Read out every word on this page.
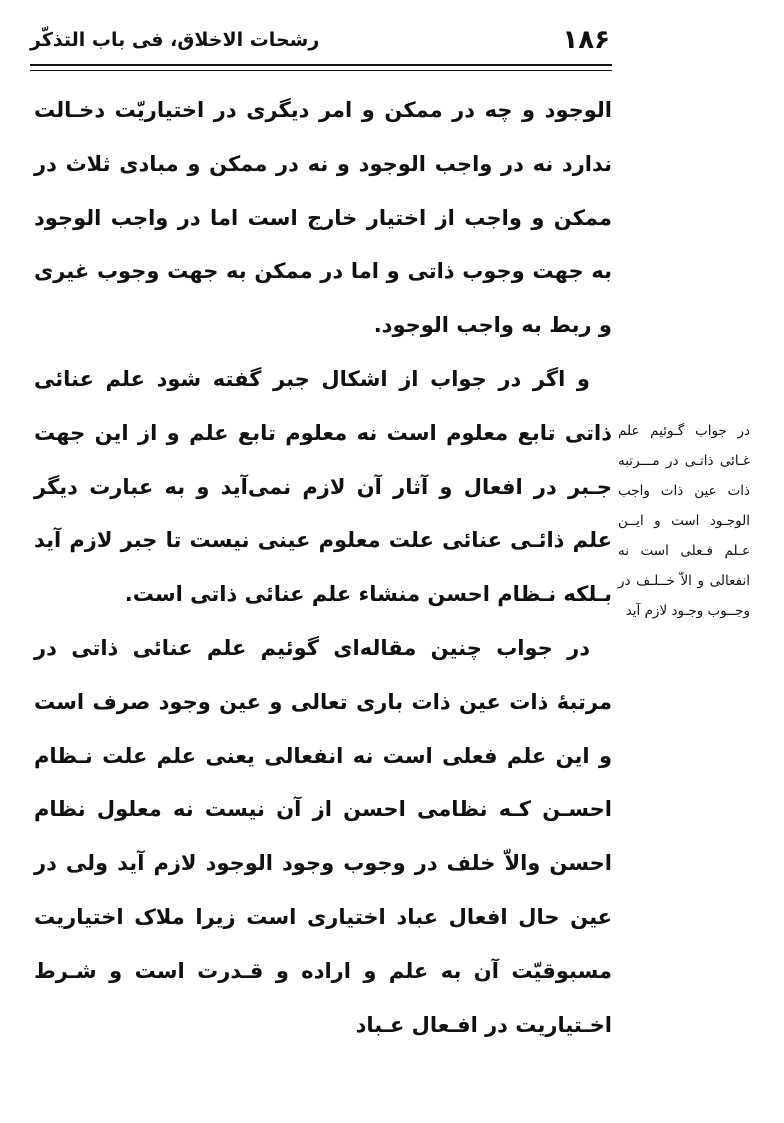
۱۸۶
رشحات الاخلاق، فی باب التذکّر

الوجود و چه در ممکن و امر دیگری در اختیاریّت دخـالت ندارد نه در واجب الوجود و نه در ممکن و مبادی ثلاث در ممکن و واجب از اختیار خارج است اما در واجب الوجود به جهت وجوب ذاتی و اما در ممکن به جهت وجوب غیری و ربط به واجب الوجود.

و اگر در جواب از اشکال جبر گفته شود علم عنائی ذاتی تابع معلوم است نه معلوم تابع علم و از این جهت جـبر در افعال و آثار آن لازم نمی‌آید و به عبارت دیگر علم ذائـی عنائی علت معلوم عینی نیست تا جبر لازم آید بـلکه نـظام احسن منشاء علم عنائی ذاتی است.

در جواب چنین مقاله‌ای گوئیم علم عنائی ذاتی در مرتبهٔ ذات عین ذات باری تعالی و عین وجود صرف است و این علم فعلی است نه انفعالی یعنی علم علت نـظام احسـن کـه نظامی احسن از آن نیست نه معلول نظام احسن والاّ خلف در وجوب وجود الوجود لازم آید ولی در عین حال افعال عباد اختیاری است زیرا ملاک اختیاریت مسبوقیّت آن به علم و اراده و قـدرت است و شـرط اخـتیاریت در افـعال عـباد

در جواب گـوئیم علم غـائی ذاتـی در مـــرتبه ذات عین ذات واجب الوجـود است و ایــن عـلم فـعلی است نه انفعالی و الاّ خــلـف در وجــوب وجـود لازم آید
